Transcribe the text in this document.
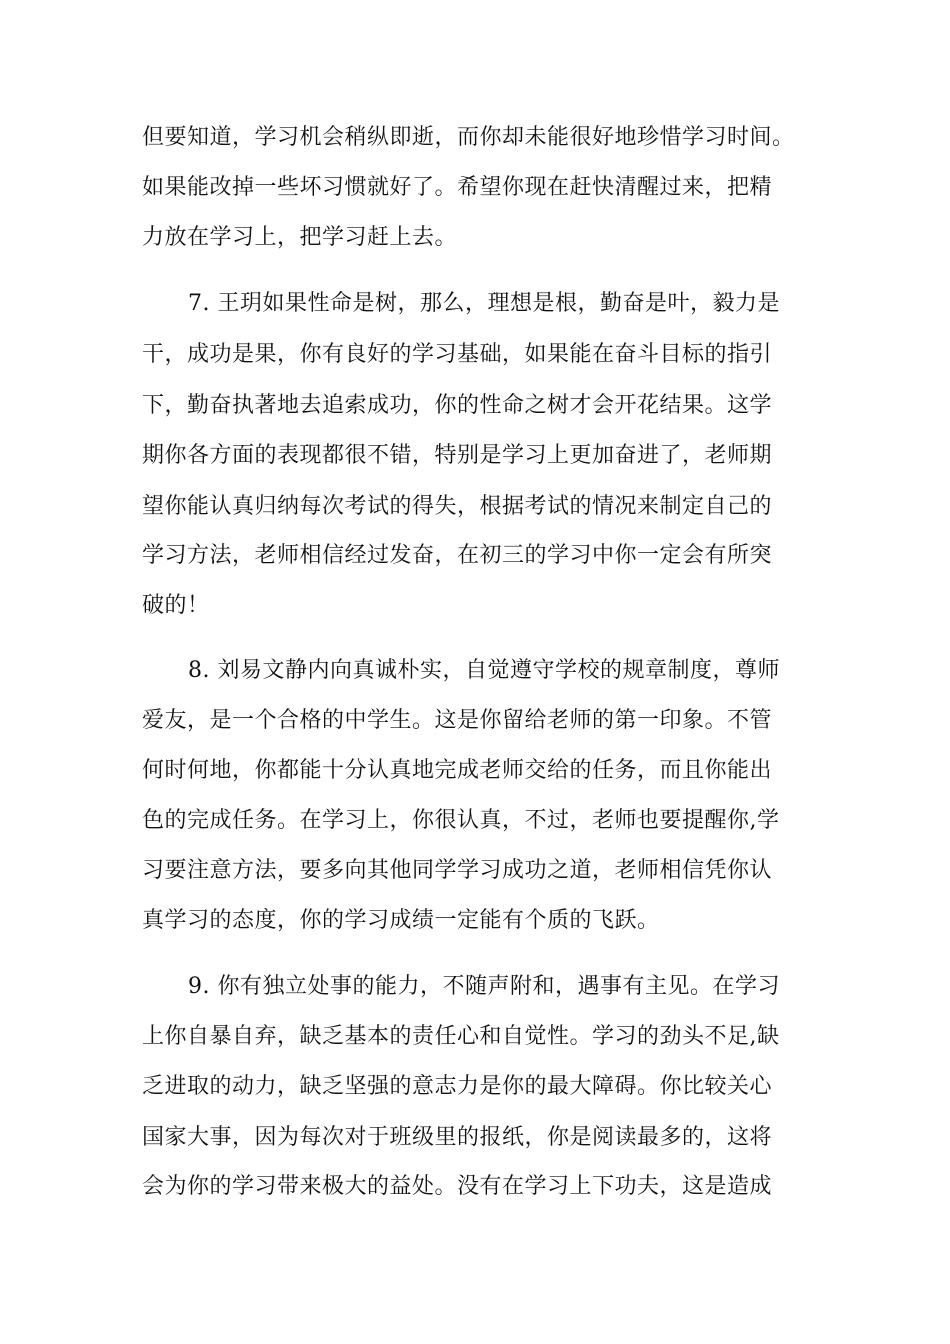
但要知道，学习机会稍纵即逝，而你却未能很好地珍惜学习时间。
如果能改掉一些坏习惯就好了。希望你现在赶快清醒过来，把精
力放在学习上，把学习赶上去。
7. 王玥如果性命是树，那么，理想是根，勤奋是叶，毅力是
干，成功是果，你有良好的学习基础，如果能在奋斗目标的指引
下，勤奋执著地去追索成功，你的性命之树才会开花结果。这学
期你各方面的表现都很不错，特别是学习上更加奋进了，老师期
望你能认真归纳每次考试的得失，根据考试的情况来制定自己的
学习方法，老师相信经过发奋，在初三的学习中你一定会有所突
破的！
8. 刘易文静内向真诚朴实，自觉遵守学校的规章制度，尊师
爱友，是一个合格的中学生。这是你留给老师的第一印象。不管
何时何地，你都能十分认真地完成老师交给的任务，而且你能出
色的完成任务。在学习上，你很认真，不过，老师也要提醒你,学
习要注意方法，要多向其他同学学习成功之道，老师相信凭你认
真学习的态度，你的学习成绩一定能有个质的飞跃。
9. 你有独立处事的能力，不随声附和，遇事有主见。在学习
上你自暴自弃，缺乏基本的责任心和自觉性。学习的劲头不足,缺
乏进取的动力，缺乏坚强的意志力是你的最大障碍。你比较关心
国家大事，因为每次对于班级里的报纸，你是阅读最多的，这将
会为你的学习带来极大的益处。没有在学习上下功夫，这是造成
